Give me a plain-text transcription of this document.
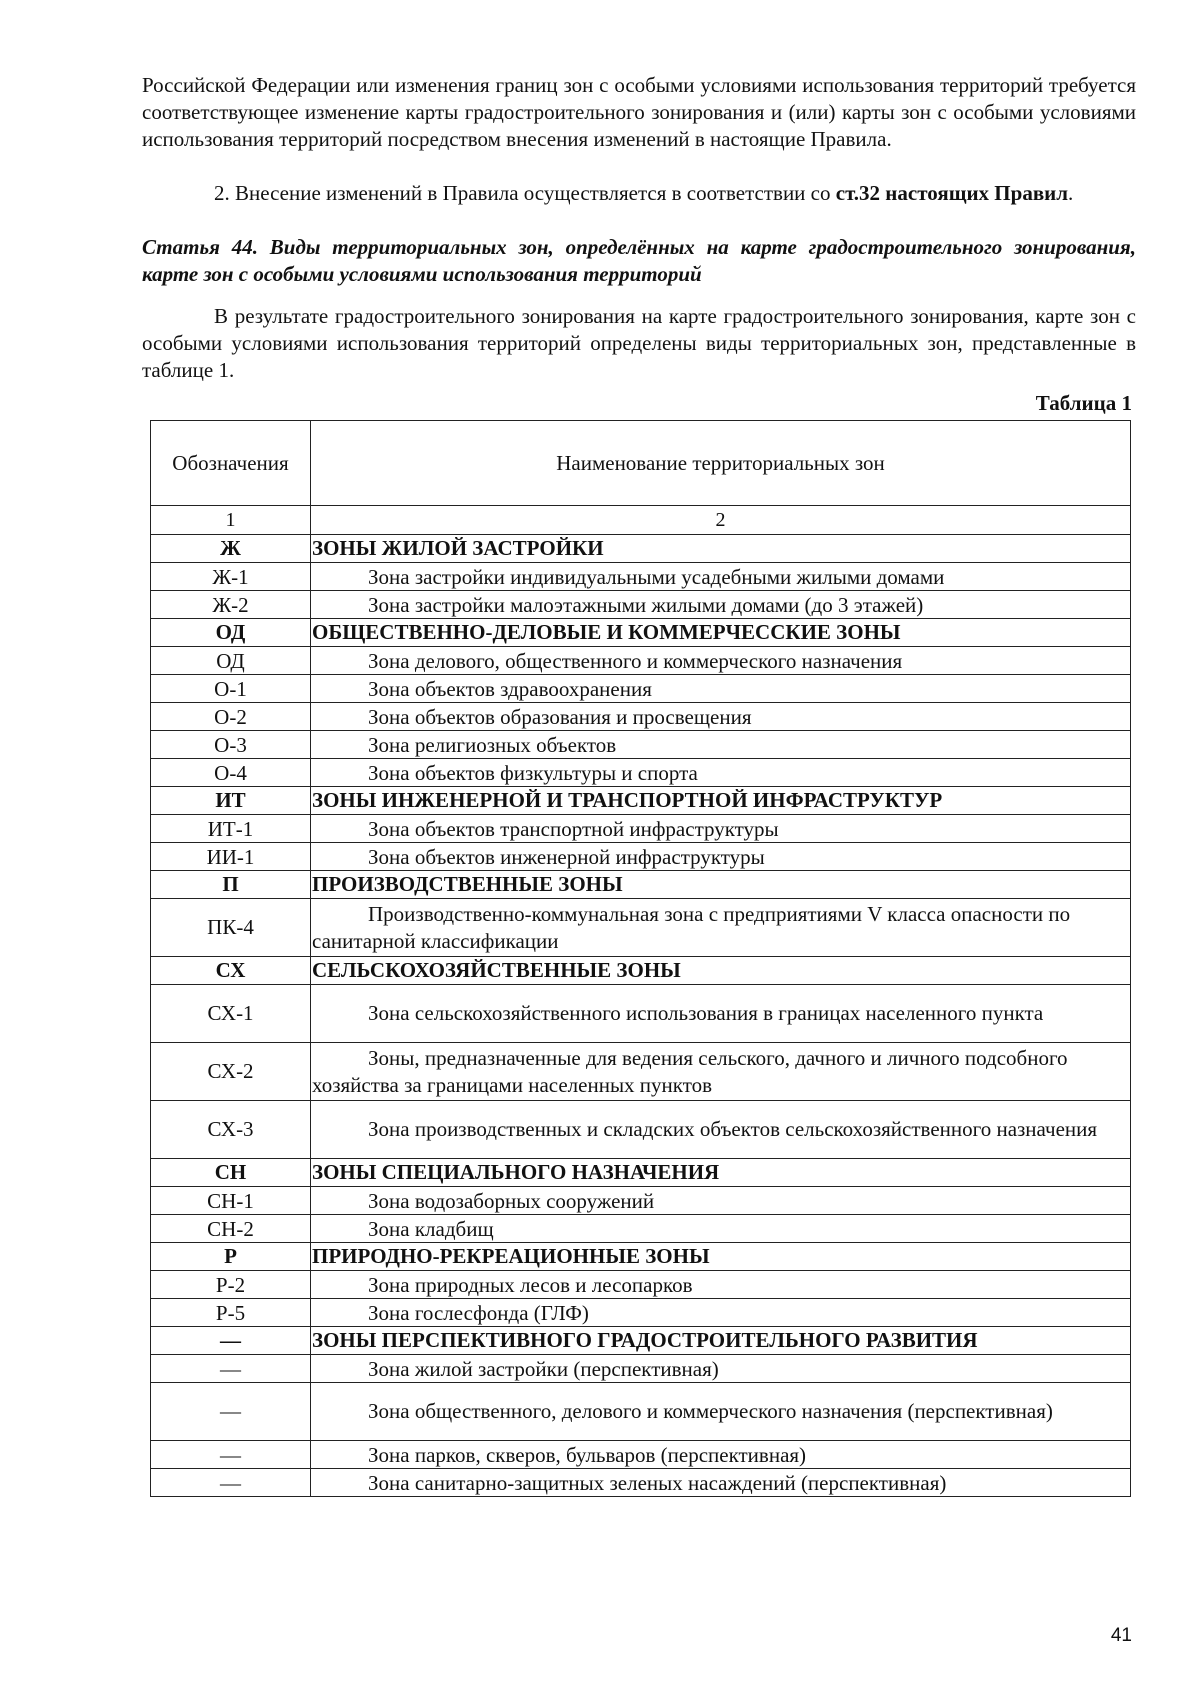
Российской Федерации или изменения границ зон с особыми условиями использования территорий требуется соответствующее изменение карты градостроительного зонирования и (или) карты зон с особыми условиями использования территорий посредством внесения изменений в настоящие Правила.
2. Внесение изменений в Правила осуществляется в соответствии со ст.32 настоящих Правил.
Статья 44. Виды территориальных зон, определённых на карте градостроительного зонирования, карте зон с особыми условиями использования территорий
В результате градостроительного зонирования на карте градостроительного зонирования, карте зон с особыми условиями использования территорий определены виды территориальных зон, представленные в таблице 1.
Таблица 1
Обозначения	Наименование территориальных зон
1	2
Ж	ЗОНЫ ЖИЛОЙ ЗАСТРОЙКИ
Ж-1	Зона застройки индивидуальными усадебными жилыми домами
Ж-2	Зона застройки малоэтажными жилыми домами (до 3 этажей)
ОД	ОБЩЕСТВЕННО-ДЕЛОВЫЕ И КОММЕРЧЕССКИЕ ЗОНЫ
ОД	Зона делового, общественного и коммерческого назначения
О-1	Зона объектов здравоохранения
О-2	Зона объектов образования и просвещения
О-3	Зона религиозных объектов
О-4	Зона объектов физкультуры и спорта
ИТ	ЗОНЫ ИНЖЕНЕРНОЙ И ТРАНСПОРТНОЙ ИНФРАСТРУКТУР
ИТ-1	Зона объектов транспортной инфраструктуры
ИИ-1	Зона объектов инженерной инфраструктуры
П	ПРОИЗВОДСТВЕННЫЕ ЗОНЫ
ПК-4	Производственно-коммунальная зона с предприятиями V класса опасности по санитарной классификации
СХ	СЕЛЬСКОХОЗЯЙСТВЕННЫЕ ЗОНЫ
СХ-1	Зона сельскохозяйственного использования в границах населенного пункта
СХ-2	Зоны, предназначенные для ведения сельского, дачного и личного подсобного хозяйства за границами населенных пунктов
СХ-3	Зона производственных и складских объектов сельскохозяйственного назначения
СН	ЗОНЫ СПЕЦИАЛЬНОГО НАЗНАЧЕНИЯ
СН-1	Зона водозаборных сооружений
СН-2	Зона кладбищ
Р	ПРИРОДНО-РЕКРЕАЦИОННЫЕ ЗОНЫ
Р-2	Зона природных лесов и лесопарков
Р-5	Зона гослесфонда (ГЛФ)
—	ЗОНЫ ПЕРСПЕКТИВНОГО ГРАДОСТРОИТЕЛЬНОГО РАЗВИТИЯ
—	Зона жилой застройки (перспективная)
—	Зона общественного, делового и коммерческого назначения (перспективная)
—	Зона парков, скверов, бульваров (перспективная)
—	Зона санитарно-защитных зеленых насаждений (перспективная)
41
